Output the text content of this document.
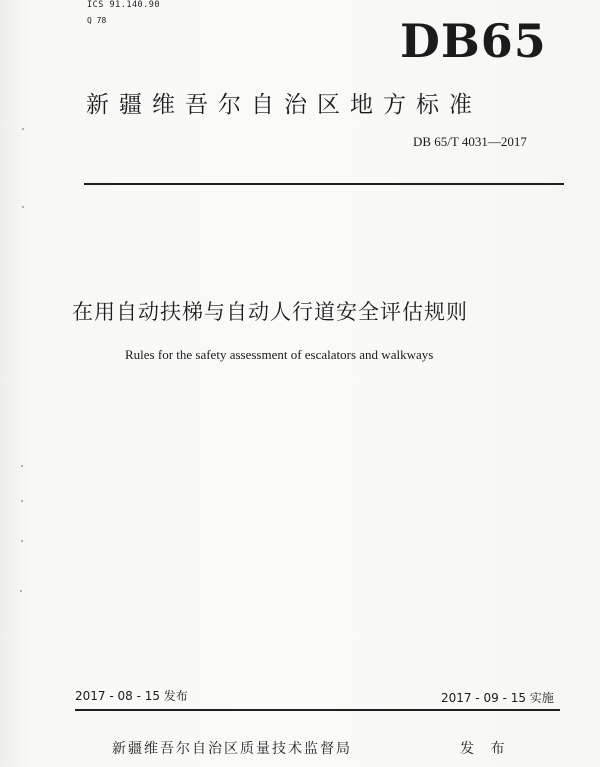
ICS 91.140.90
Q 78	DB65
新疆维吾尔自治区地方标准
DB 65/T 4031—2017
在用自动扶梯与自动人行道安全评估规则
Rules for the safety assessment of escalators and walkways
2017 - 08 - 15 发布	2017 - 09 - 15 实施
新疆维吾尔自治区质量技术监督局	发 布
